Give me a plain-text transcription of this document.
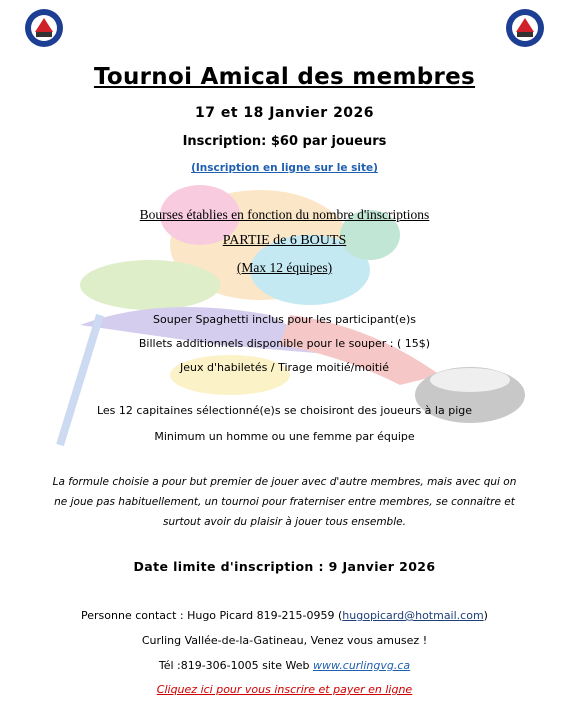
Tournoi Amical des membres
17 et 18 Janvier 2026
Inscription: $60 par joueurs
(Inscription en ligne sur le site)
Bourses établies en fonction du nombre d'inscriptions
PARTIE de 6 BOUTS
(Max 12 équipes)
Souper Spaghetti inclus pour les participant(e)s
Billets additionnels disponible pour le souper : ( 15$)
Jeux d'habiletés / Tirage moitié/moitié
Les 12 capitaines sélectionné(e)s se choisiront des joueurs à la pige
Minimum un homme ou une femme par équipe
La formule choisie a pour but premier de jouer avec d'autre membres, mais avec qui on
ne joue pas habituellement, un tournoi pour fraterniser entre membres, se connaitre et
surtout avoir du plaisir à jouer tous ensemble.
Date limite d'inscription : 9 Janvier 2026
Personne contact : Hugo Picard 819-215-0959 (hugopicard@hotmail.com)
Curling Vallée-de-la-Gatineau, Venez vous amusez !
Tél :819-306-1005 site Web www.curlingvg.ca
Cliquez ici pour vous inscrire et payer en ligne
